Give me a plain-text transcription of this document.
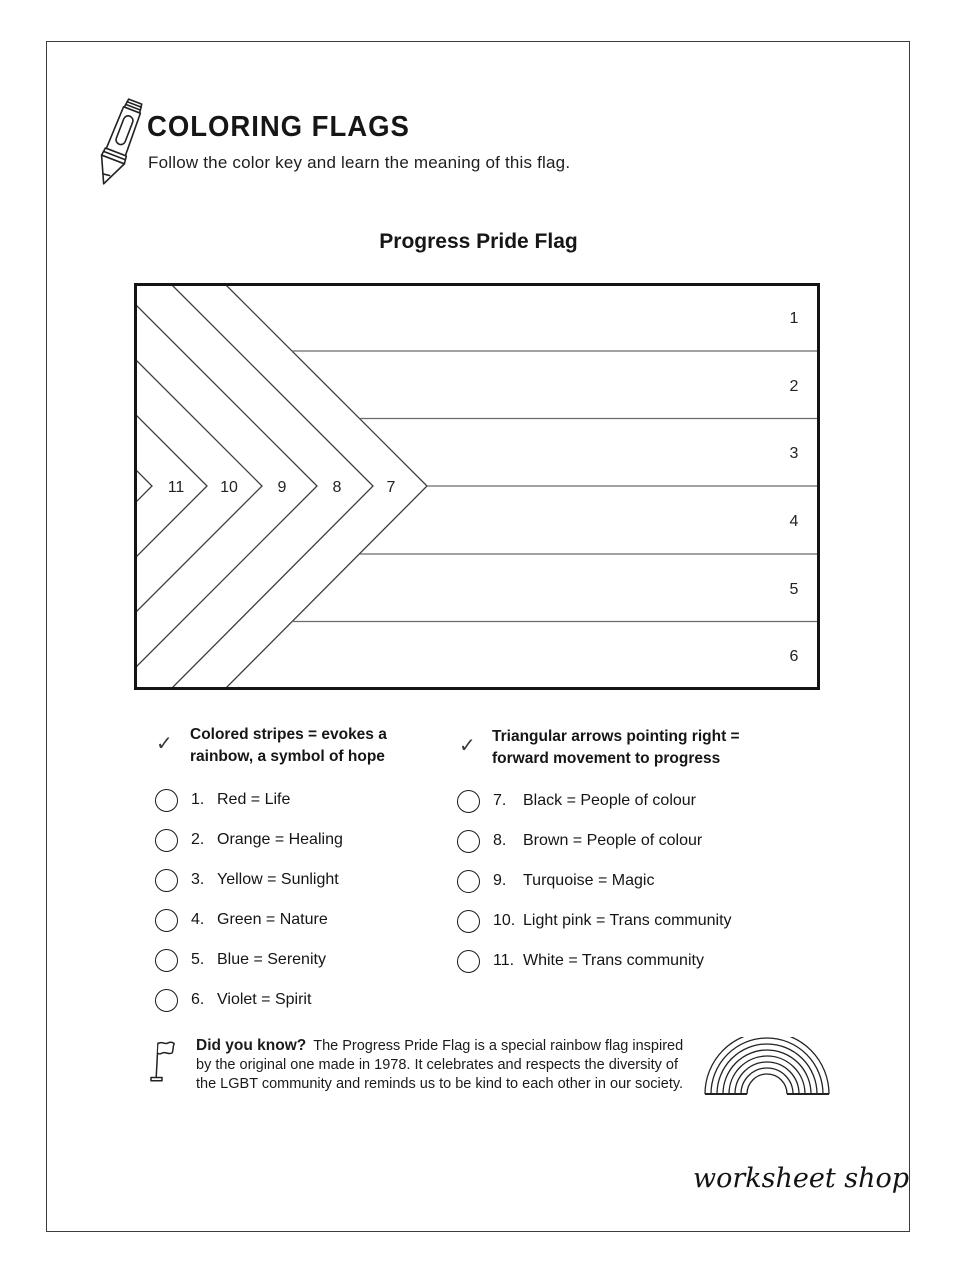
COLORING FLAGS
Follow the color key and learn the meaning of this flag.
Progress Pride Flag
1
2
3
4
5
6
11 10 9	8	7
✓ Colored stripes = evokes a
rainbow, a symbol of hope	✓ Triangular arrows pointing right =
forward movement to progress
1. Red = Life
2. Orange = Healing
3. Yellow = Sunlight
4. Green = Nature
5. Blue = Serenity
6. Violet = Spirit
7.	Black = People of colour
8.	Brown = People of colour
9.	Turquoise = Magic
10. Light pink = Trans community
11. White = Trans community
Did you know? The Progress Pride Flag is a special rainbow flag inspired
by the original one made in 1978. It celebrates and respects the diversity of
the LGBT community and reminds us to be kind to each other in our society.
worksheet shop
